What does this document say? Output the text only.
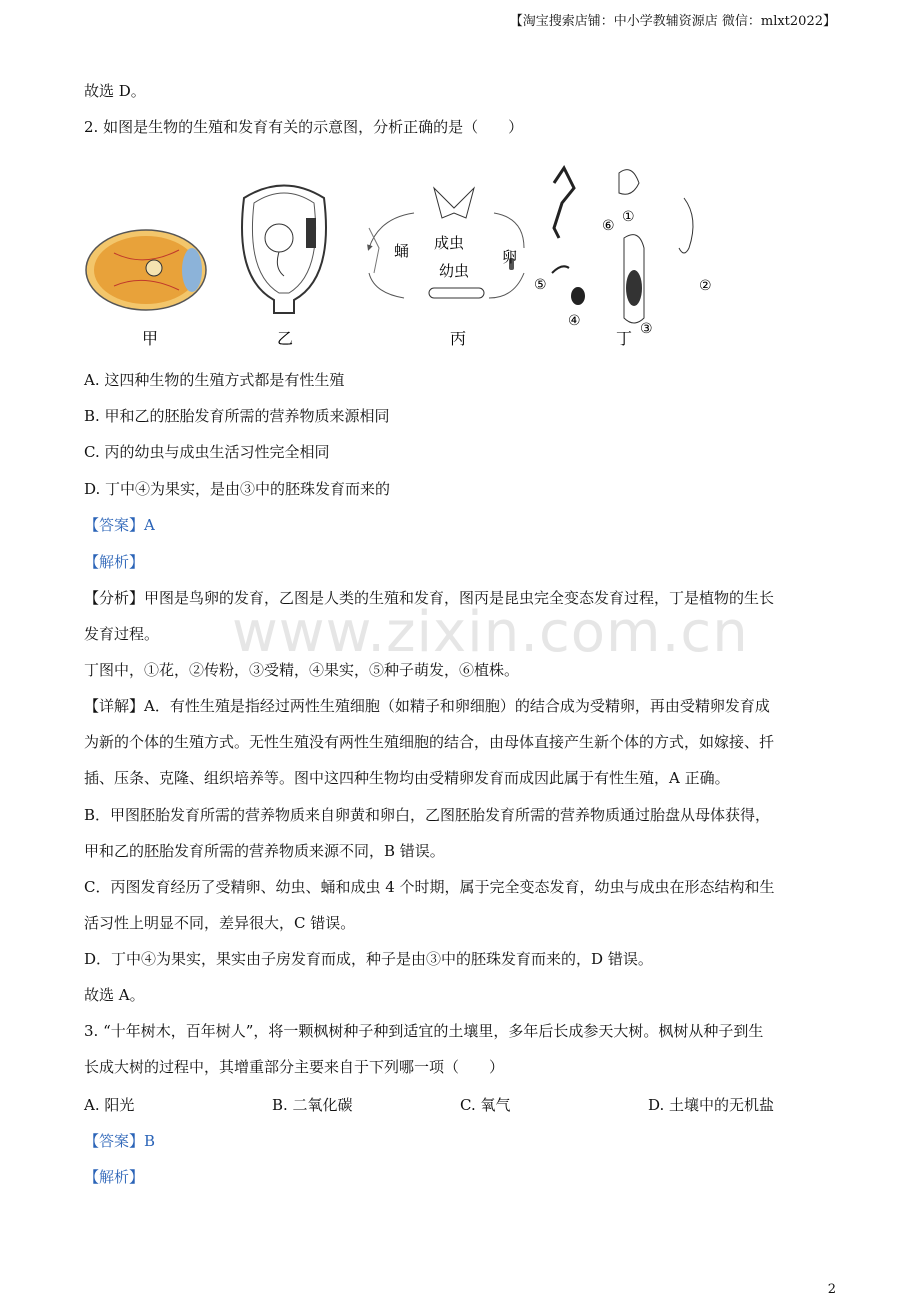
【淘宝搜索店铺：中小学教辅资源店 微信：mlxt2022】
www.zixin.com.cn
故选 D。
2. 如图是生物的生殖和发育有关的示意图，分析正确的是（　　）
蛹 成虫
卵
幼虫
⑥
①
②
③
④
⑤
甲	乙	丙	丁
A. 这四种生物的生殖方式都是有性生殖
B. 甲和乙的胚胎发育所需的营养物质来源相同
C. 丙的幼虫与成虫生活习性完全相同
D. 丁中④为果实，是由③中的胚珠发育而来的
【答案】A
【解析】
【分析】甲图是鸟卵的发育，乙图是人类的生殖和发育，图丙是昆虫完全变态发育过程，丁是植物的生长
发育过程。
丁图中，①花，②传粉，③受精，④果实，⑤种子萌发，⑥植株。
【详解】A．有性生殖是指经过两性生殖细胞（如精子和卵细胞）的结合成为受精卵，再由受精卵发育成
为新的个体的生殖方式。无性生殖没有两性生殖细胞的结合，由母体直接产生新个体的方式，如嫁接、扦
插、压条、克隆、组织培养等。图中这四种生物均由受精卵发育而成因此属于有性生殖，A 正确。
B．甲图胚胎发育所需的营养物质来自卵黄和卵白，乙图胚胎发育所需的营养物质通过胎盘从母体获得，
甲和乙的胚胎发育所需的营养物质来源不同，B 错误。
C．丙图发育经历了受精卵、幼虫、蛹和成虫 4 个时期，属于完全变态发育，幼虫与成虫在形态结构和生
活习性上明显不同，差异很大，C 错误。
D．丁中④为果实，果实由子房发育而成，种子是由③中的胚珠发育而来的，D 错误。
故选 A。
3. “十年树木，百年树人”，将一颗枫树种子种到适宜的土壤里，多年后长成参天大树。枫树从种子到生
长成大树的过程中，其增重部分主要来自于下列哪一项（　　）
A. 阳光	B. 二氧化碳	C. 氧气	D. 土壤中的无机盐
【答案】B
【解析】
2
